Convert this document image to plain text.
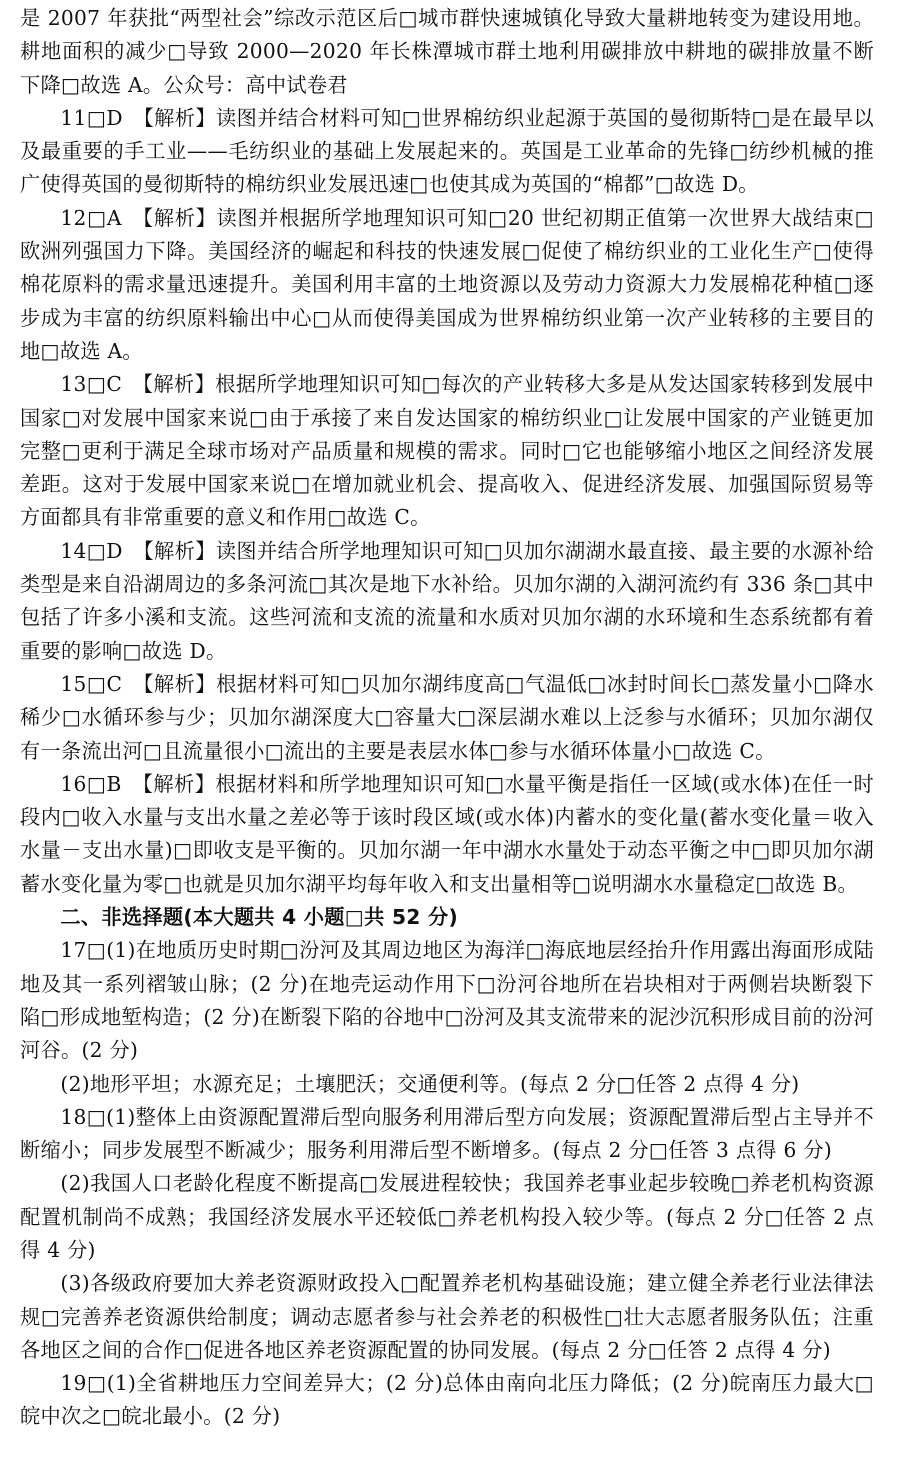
是 2007 年获批“两型社会”综改示范区后□城市群快速城镇化导致大量耕地转变为建设用地。耕地面积的减少□导致 2000—2020 年长株潭城市群土地利用碳排放中耕地的碳排放量不断下降□故选 A。公众号：高中试卷君

11□D　【解析】读图并结合材料可知□世界棉纺织业起源于英国的曼彻斯特□是在最早以及最重要的手工业——毛纺织业的基础上发展起来的。英国是工业革命的先锋□纺纱机械的推广使得英国的曼彻斯特的棉纺织业发展迅速□也使其成为英国的“棉都”□故选 D。

12□A　【解析】读图并根据所学地理知识可知□20 世纪初期正值第一次世界大战结束□欧洲列强国力下降。美国经济的崛起和科技的快速发展□促使了棉纺织业的工业化生产□使得棉花原料的需求量迅速提升。美国利用丰富的土地资源以及劳动力资源大力发展棉花种植□逐步成为丰富的纺织原料输出中心□从而使得美国成为世界棉纺织业第一次产业转移的主要目的地□故选 A。

13□C　【解析】根据所学地理知识可知□每次的产业转移大多是从发达国家转移到发展中国家□对发展中国家来说□由于承接了来自发达国家的棉纺织业□让发展中国家的产业链更加完整□更利于满足全球市场对产品质量和规模的需求。同时□它也能够缩小地区之间经济发展差距。这对于发展中国家来说□在增加就业机会、提高收入、促进经济发展、加强国际贸易等方面都具有非常重要的意义和作用□故选 C。

14□D　【解析】读图并结合所学地理知识可知□贝加尔湖湖水最直接、最主要的水源补给类型是来自沿湖周边的多条河流□其次是地下水补给。贝加尔湖的入湖河流约有 336 条□其中包括了许多小溪和支流。这些河流和支流的流量和水质对贝加尔湖的水环境和生态系统都有着重要的影响□故选 D。

15□C　【解析】根据材料可知□贝加尔湖纬度高□气温低□冰封时间长□蒸发量小□降水稀少□水循环参与少；贝加尔湖深度大□容量大□深层湖水难以上泛参与水循环；贝加尔湖仅有一条流出河□且流量很小□流出的主要是表层水体□参与水循环体量小□故选 C。

16□B　【解析】根据材料和所学地理知识可知□水量平衡是指任一区域(或水体)在任一时段内□收入水量与支出水量之差必等于该时段区域(或水体)内蓄水的变化量(蓄水变化量＝收入水量－支出水量)□即收支是平衡的。贝加尔湖一年中湖水水量处于动态平衡之中□即贝加尔湖蓄水变化量为零□也就是贝加尔湖平均每年收入和支出量相等□说明湖水水量稳定□故选 B。

二、非选择题(本大题共 4 小题□共 52 分)

17□(1)在地质历史时期□汾河及其周边地区为海洋□海底地层经抬升作用露出海面形成陆地及其一系列褶皱山脉；(2 分)在地壳运动作用下□汾河谷地所在岩块相对于两侧岩块断裂下陷□形成地堑构造；(2 分)在断裂下陷的谷地中□汾河及其支流带来的泥沙沉积形成目前的汾河河谷。(2 分)

(2)地形平坦；水源充足；土壤肥沃；交通便利等。(每点 2 分□任答 2 点得 4 分)

18□(1)整体上由资源配置滞后型向服务利用滞后型方向发展；资源配置滞后型占主导并不断缩小；同步发展型不断减少；服务利用滞后型不断增多。(每点 2 分□任答 3 点得 6 分)

(2)我国人口老龄化程度不断提高□发展进程较快；我国养老事业起步较晚□养老机构资源配置机制尚不成熟；我国经济发展水平还较低□养老机构投入较少等。(每点 2 分□任答 2 点得 4 分)

(3)各级政府要加大养老资源财政投入□配置养老机构基础设施；建立健全养老行业法律法规□完善养老资源供给制度；调动志愿者参与社会养老的积极性□壮大志愿者服务队伍；注重各地区之间的合作□促进各地区养老资源配置的协同发展。(每点 2 分□任答 2 点得 4 分)

19□(1)全省耕地压力空间差异大；(2 分)总体由南向北压力降低；(2 分)皖南压力最大□皖中次之□皖北最小。(2 分)
